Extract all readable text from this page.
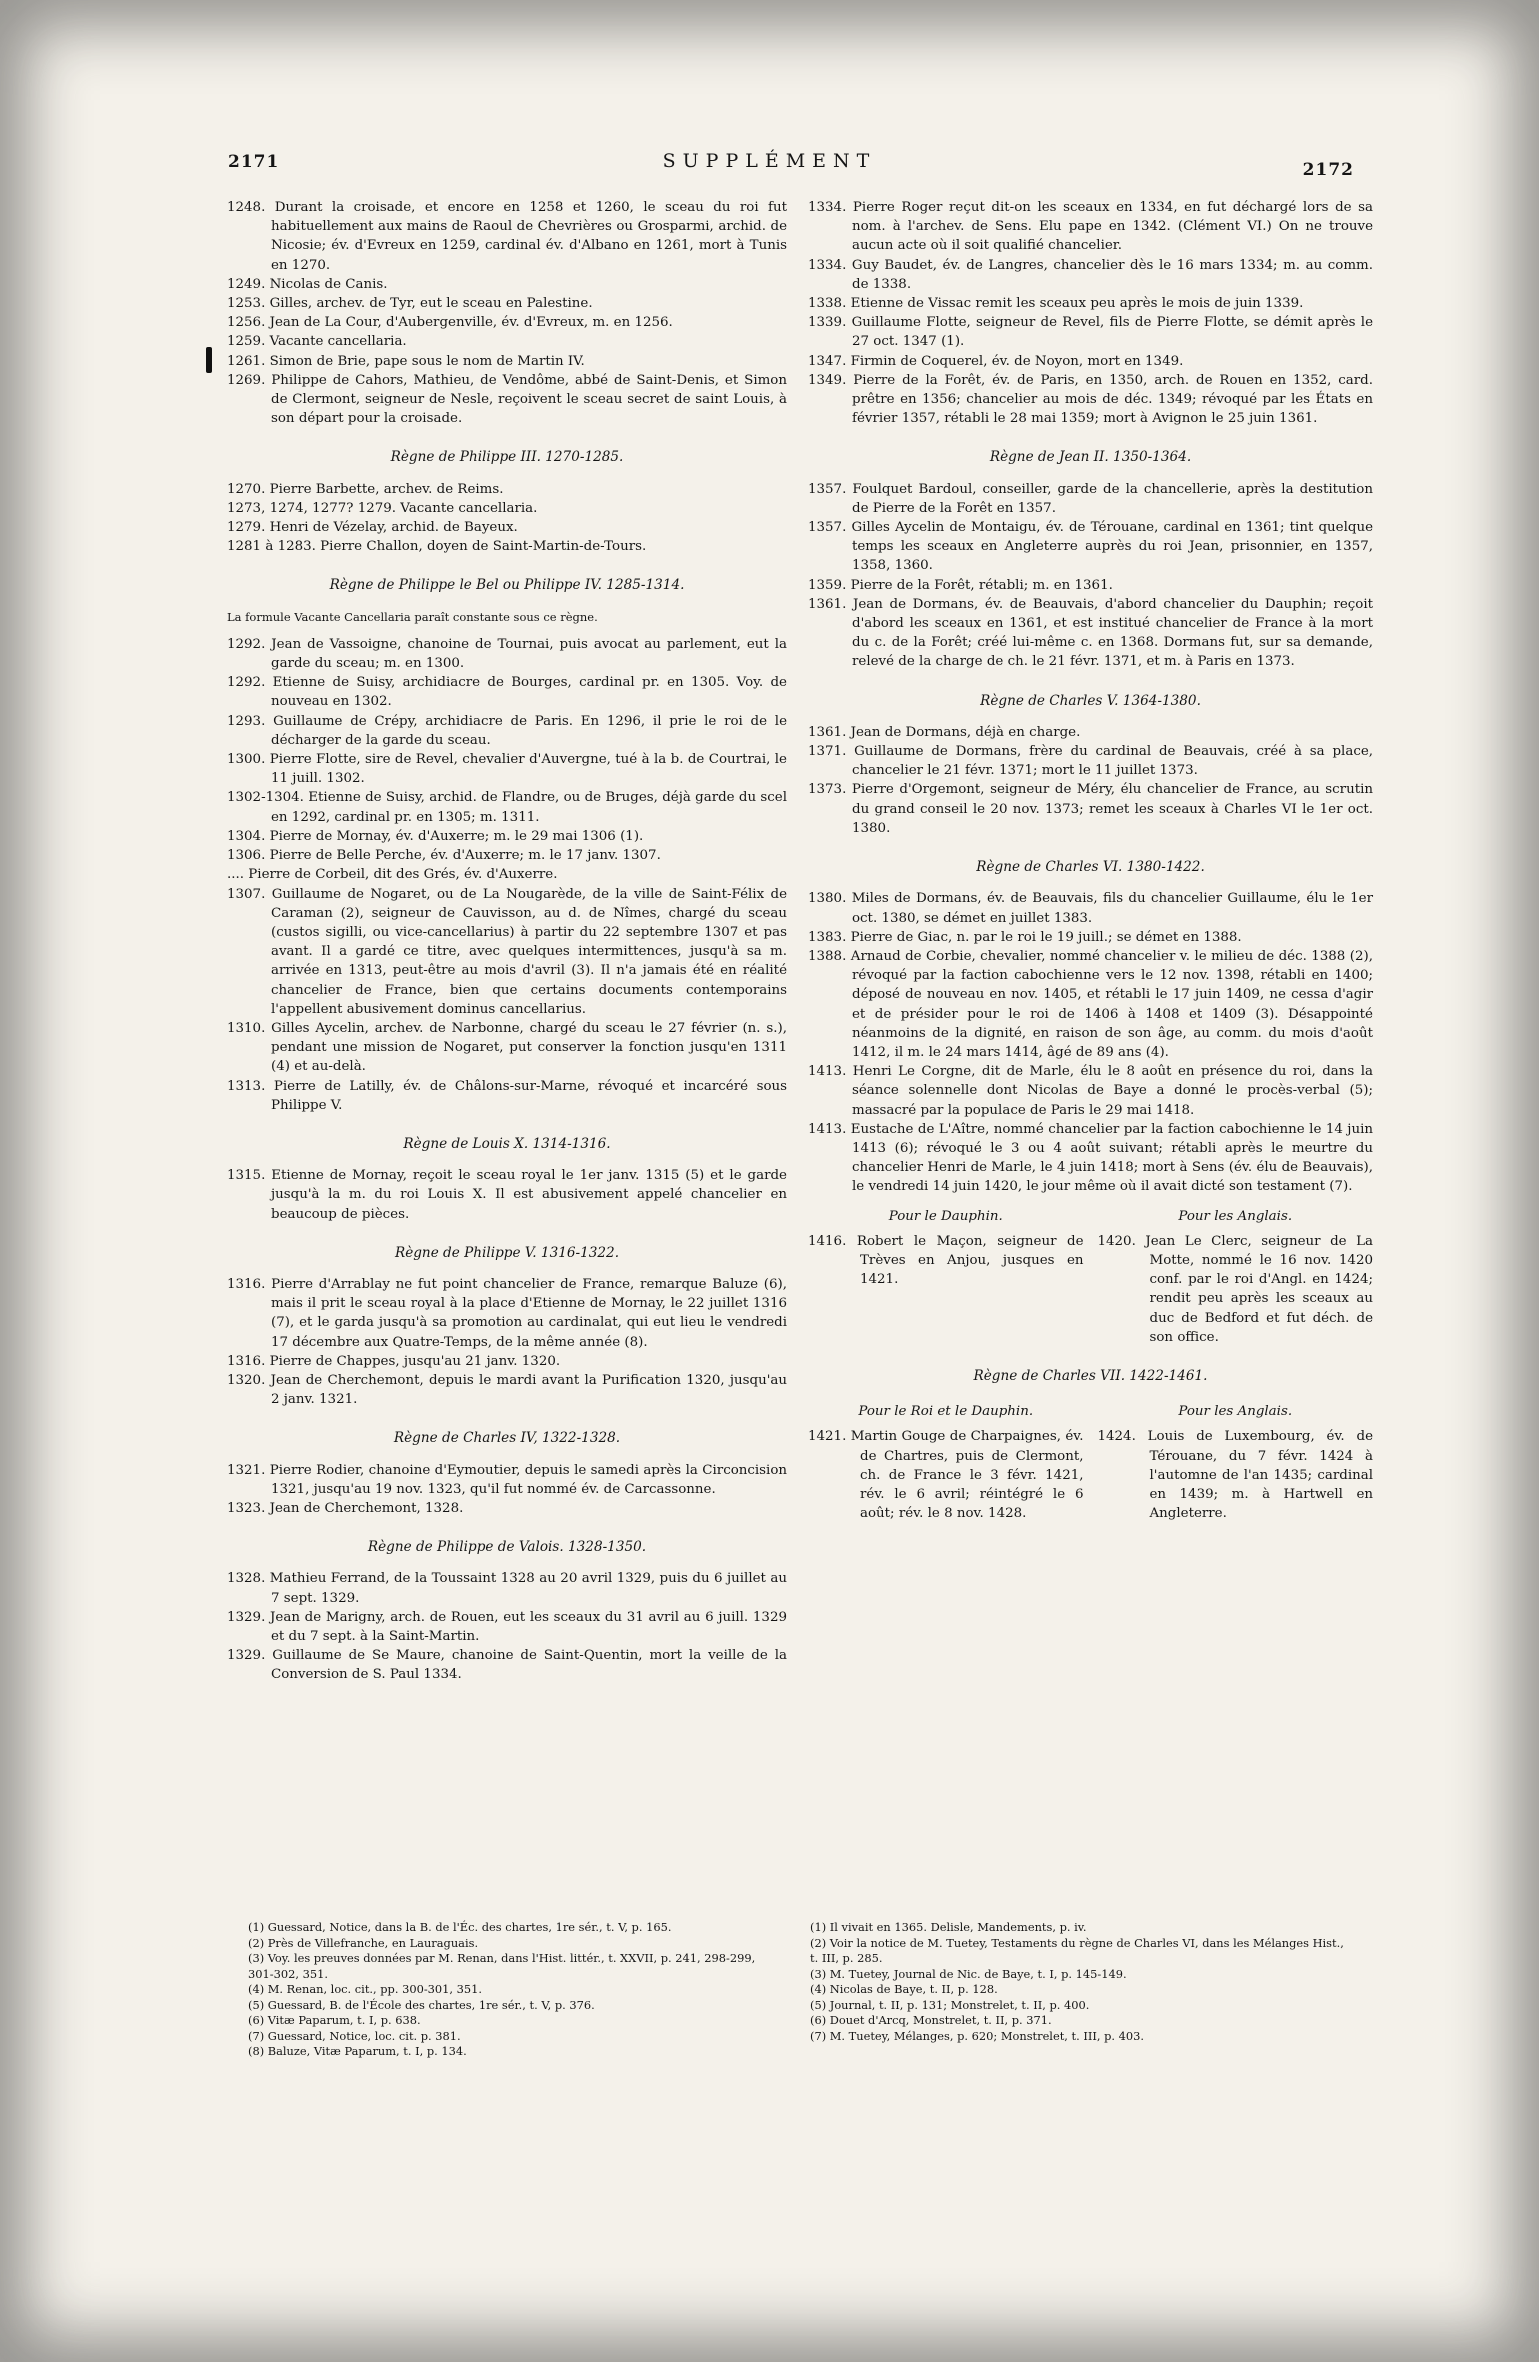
2171	SUPPLÉMENT	2172

1248. Durant la croisade, et encore en 1258 et 1260, le sceau du roi fut habituellement aux mains de Raoul de Chevrières ou Grosparmi, archid. de Nicosie; év. d'Evreux en 1259, cardinal év. d'Albano en 1261, mort à Tunis en 1270.

1249. Nicolas de Canis.

1253. Gilles, archev. de Tyr, eut le sceau en Palestine.

1256. Jean de La Cour, d'Aubergenville, év. d'Evreux, m. en 1256.

1259. Vacante cancellaria.

1261. Simon de Brie, pape sous le nom de Martin IV.

1269. Philippe de Cahors, Mathieu, de Vendôme, abbé de Saint-Denis, et Simon de Clermont, seigneur de Nesle, reçoivent le sceau secret de saint Louis, à son départ pour la croisade.

Règne de Philippe III. 1270-1285.

1270. Pierre Barbette, archev. de Reims.

1273, 1274, 1277? 1279. Vacante cancellaria.

1279. Henri de Vézelay, archid. de Bayeux.

1281 à 1283. Pierre Challon, doyen de Saint-Martin-de-Tours.

Règne de Philippe le Bel ou Philippe IV. 1285-1314.

La formule Vacante Cancellaria paraît constante sous ce règne.

1292. Jean de Vassoigne, chanoine de Tournai, puis avocat au parlement, eut la garde du sceau; m. en 1300.

1292. Etienne de Suisy, archidiacre de Bourges, cardinal pr. en 1305. Voy. de nouveau en 1302.

1293. Guillaume de Crépy, archidiacre de Paris. En 1296, il prie le roi de le décharger de la garde du sceau.

1300. Pierre Flotte, sire de Revel, chevalier d'Auvergne, tué à la b. de Courtrai, le 11 juill. 1302.

1302-1304. Etienne de Suisy, archid. de Flandre, ou de Bruges, déjà garde du scel en 1292, cardinal pr. en 1305; m. 1311.

1304. Pierre de Mornay, év. d'Auxerre; m. le 29 mai 1306 (1).

1306. Pierre de Belle Perche, év. d'Auxerre; m. le 17 janv. 1307.

.... Pierre de Corbeil, dit des Grés, év. d'Auxerre.

1307. Guillaume de Nogaret, ou de La Nougarède, de la ville de Saint-Félix de Caraman (2), seigneur de Cauvisson, au d. de Nîmes, chargé du sceau (custos sigilli, ou vice-cancellarius) à partir du 22 septembre 1307 et pas avant. Il a gardé ce titre, avec quelques intermittences, jusqu'à sa m. arrivée en 1313, peut-être au mois d'avril (3). Il n'a jamais été en réalité chancelier de France, bien que certains documents contemporains l'appellent abusivement dominus cancellarius.

1310. Gilles Aycelin, archev. de Narbonne, chargé du sceau le 27 février (n. s.), pendant une mission de Nogaret, put conserver la fonction jusqu'en 1311 (4) et au-delà.

1313. Pierre de Latilly, év. de Châlons-sur-Marne, révoqué et incarcéré sous Philippe V.

Règne de Louis X. 1314-1316.

1315. Etienne de Mornay, reçoit le sceau royal le 1er janv. 1315 (5) et le garde jusqu'à la m. du roi Louis X. Il est abusivement appelé chancelier en beaucoup de pièces.

Règne de Philippe V. 1316-1322.

1316. Pierre d'Arrablay ne fut point chancelier de France, remarque Baluze (6), mais il prit le sceau royal à la place d'Etienne de Mornay, le 22 juillet 1316 (7), et le garda jusqu'à sa promotion au cardinalat, qui eut lieu le vendredi 17 décembre aux Quatre-Temps, de la même année (8).

1316. Pierre de Chappes, jusqu'au 21 janv. 1320.

1320. Jean de Cherchemont, depuis le mardi avant la Purification 1320, jusqu'au 2 janv. 1321.

Règne de Charles IV, 1322-1328.

1321. Pierre Rodier, chanoine d'Eymoutier, depuis le samedi après la Circoncision 1321, jusqu'au 19 nov. 1323, qu'il fut nommé év. de Carcassonne.

1323. Jean de Cherchemont, 1328.

Règne de Philippe de Valois. 1328-1350.

1328. Mathieu Ferrand, de la Toussaint 1328 au 20 avril 1329, puis du 6 juillet au 7 sept. 1329.

1329. Jean de Marigny, arch. de Rouen, eut les sceaux du 31 avril au 6 juill. 1329 et du 7 sept. à la Saint-Martin.

1329. Guillaume de Se Maure, chanoine de Saint-Quentin, mort la veille de la Conversion de S. Paul 1334.

1334. Pierre Roger reçut dit-on les sceaux en 1334, en fut déchargé lors de sa nom. à l'archev. de Sens. Elu pape en 1342. (Clément VI.) On ne trouve aucun acte où il soit qualifié chancelier.

1334. Guy Baudet, év. de Langres, chancelier dès le 16 mars 1334; m. au comm. de 1338.

1338. Etienne de Vissac remit les sceaux peu après le mois de juin 1339.

1339. Guillaume Flotte, seigneur de Revel, fils de Pierre Flotte, se démit après le 27 oct. 1347 (1).

1347. Firmin de Coquerel, év. de Noyon, mort en 1349.

1349. Pierre de la Forêt, év. de Paris, en 1350, arch. de Rouen en 1352, card. prêtre en 1356; chancelier au mois de déc. 1349; révoqué par les États en février 1357, rétabli le 28 mai 1359; mort à Avignon le 25 juin 1361.

Règne de Jean II. 1350-1364.

1357. Foulquet Bardoul, conseiller, garde de la chancellerie, après la destitution de Pierre de la Forêt en 1357.

1357. Gilles Aycelin de Montaigu, év. de Térouane, cardinal en 1361; tint quelque temps les sceaux en Angleterre auprès du roi Jean, prisonnier, en 1357, 1358, 1360.

1359. Pierre de la Forêt, rétabli; m. en 1361.

1361. Jean de Dormans, év. de Beauvais, d'abord chancelier du Dauphin; reçoit d'abord les sceaux en 1361, et est institué chancelier de France à la mort du c. de la Forêt; créé lui-même c. en 1368. Dormans fut, sur sa demande, relevé de la charge de ch. le 21 févr. 1371, et m. à Paris en 1373.

Règne de Charles V. 1364-1380.

1361. Jean de Dormans, déjà en charge.

1371. Guillaume de Dormans, frère du cardinal de Beauvais, créé à sa place, chancelier le 21 févr. 1371; mort le 11 juillet 1373.

1373. Pierre d'Orgemont, seigneur de Méry, élu chancelier de France, au scrutin du grand conseil le 20 nov. 1373; remet les sceaux à Charles VI le 1er oct. 1380.

Règne de Charles VI. 1380-1422.

1380. Miles de Dormans, év. de Beauvais, fils du chancelier Guillaume, élu le 1er oct. 1380, se démet en juillet 1383.

1383. Pierre de Giac, n. par le roi le 19 juill.; se démet en 1388.

1388. Arnaud de Corbie, chevalier, nommé chancelier v. le milieu de déc. 1388 (2), révoqué par la faction cabochienne vers le 12 nov. 1398, rétabli en 1400; déposé de nouveau en nov. 1405, et rétabli le 17 juin 1409, ne cessa d'agir et de présider pour le roi de 1406 à 1408 et 1409 (3). Désappointé néanmoins de la dignité, en raison de son âge, au comm. du mois d'août 1412, il m. le 24 mars 1414, âgé de 89 ans (4).

1413. Henri Le Corgne, dit de Marle, élu le 8 août en présence du roi, dans la séance solennelle dont Nicolas de Baye a donné le procès-verbal (5); massacré par la populace de Paris le 29 mai 1418.

1413. Eustache de L'Aître, nommé chancelier par la faction cabochienne le 14 juin 1413 (6); révoqué le 3 ou 4 août suivant; rétabli après le meurtre du chancelier Henri de Marle, le 4 juin 1418; mort à Sens (év. élu de Beauvais), le vendredi 14 juin 1420, le jour même où il avait dicté son testament (7).

Pour le Dauphin.

1416. Robert le Maçon, seigneur de Trèves en Anjou, jusques en 1421.

Pour les Anglais.

1420. Jean Le Clerc, seigneur de La Motte, nommé le 16 nov. 1420 conf. par le roi d'Angl. en 1424; rendit peu après les sceaux au duc de Bedford et fut déch. de son office.

Règne de Charles VII. 1422-1461.
Pour le Roi et le Dauphin.

1421. Martin Gouge de Charpaignes, év. de Chartres, puis de Clermont, ch. de France le 3 févr. 1421, rév. le 6 avril; réintégré le 6 août; rév. le 8 nov. 1428.

Pour les Anglais.

1424. Louis de Luxembourg, év. de Térouane, du 7 févr. 1424 à l'automne de l'an 1435; cardinal en 1439; m. à Hartwell en Angleterre.

(1) Guessard, Notice, dans la B. de l'Éc. des chartes, 1re sér., t. V, p. 165.

(2) Près de Villefranche, en Lauraguais.

(3) Voy. les preuves données par M. Renan, dans l'Hist. littér., t. XXVII, p. 241, 298-299, 301-302, 351.

(4) M. Renan, loc. cit., pp. 300-301, 351.

(5) Guessard, B. de l'École des chartes, 1re sér., t. V, p. 376.

(6) Vitæ Paparum, t. I, p. 638.

(7) Guessard, Notice, loc. cit. p. 381.

(8) Baluze, Vitæ Paparum, t. I, p. 134.

(1) Il vivait en 1365. Delisle, Mandements, p. iv.

(2) Voir la notice de M. Tuetey, Testaments du règne de Charles VI, dans les Mélanges Hist., t. III, p. 285.

(3) M. Tuetey, Journal de Nic. de Baye, t. I, p. 145-149.

(4) Nicolas de Baye, t. II, p. 128.

(5) Journal, t. II, p. 131; Monstrelet, t. II, p. 400.

(6) Douet d'Arcq, Monstrelet, t. II, p. 371.

(7) M. Tuetey, Mélanges, p. 620; Monstrelet, t. III, p. 403.
